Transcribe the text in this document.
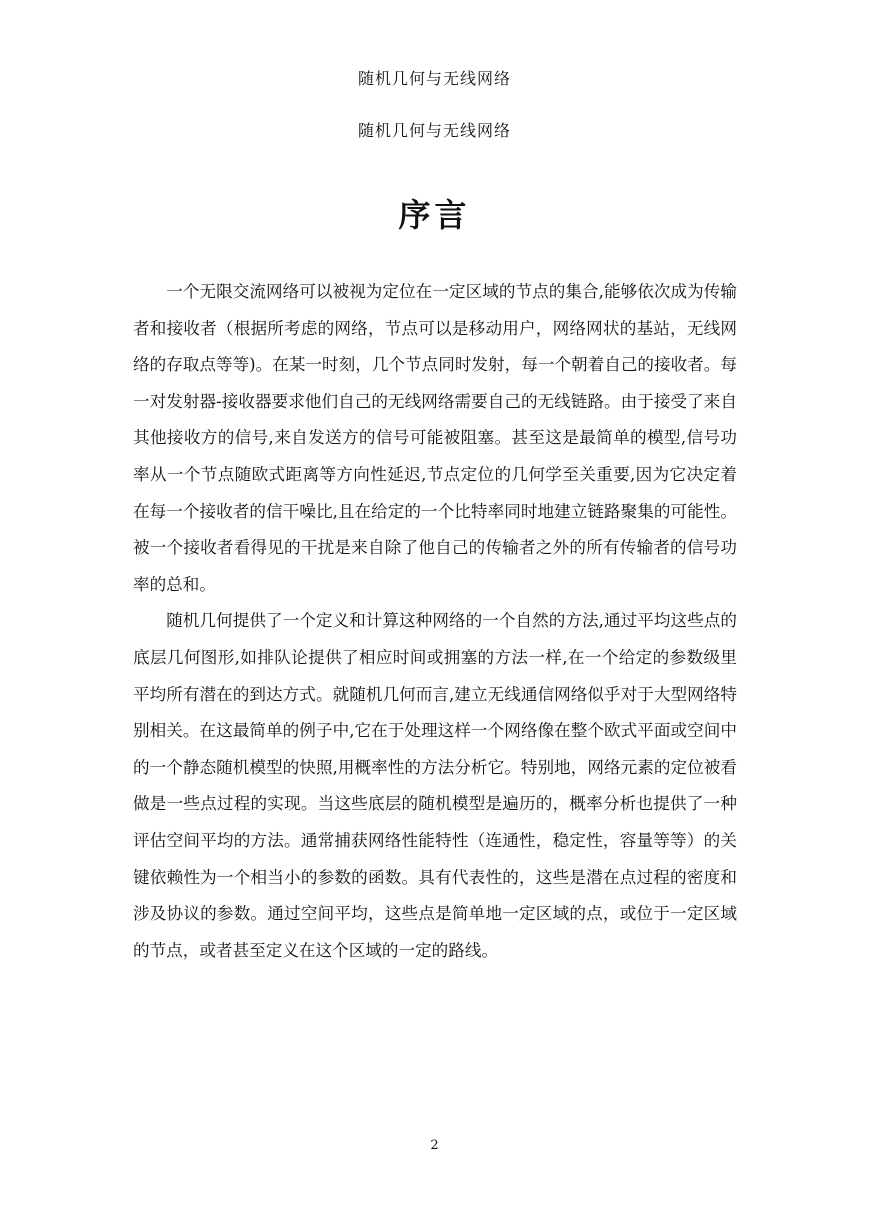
随机几何与无线网络
随机几何与无线网络
序言

一个无限交流网络可以被视为定位在一定区域的节点的集合,能够依次成为传输者和接收者（根据所考虑的网络，节点可以是移动用户，网络网状的基站，无线网络的存取点等等)。在某一时刻，几个节点同时发射，每一个朝着自己的接收者。每一对发射器-接收器要求他们自己的无线网络需要自己的无线链路。由于接受了来自其他接收方的信号,来自发送方的信号可能被阻塞。甚至这是最简单的模型,信号功率从一个节点随欧式距离等方向性延迟,节点定位的几何学至关重要,因为它决定着在每一个接收者的信干噪比,且在给定的一个比特率同时地建立链路聚集的可能性。被一个接收者看得见的干扰是来自除了他自己的传输者之外的所有传输者的信号功率的总和。

随机几何提供了一个定义和计算这种网络的一个自然的方法,通过平均这些点的底层几何图形,如排队论提供了相应时间或拥塞的方法一样,在一个给定的参数级里平均所有潜在的到达方式。就随机几何而言,建立无线通信网络似乎对于大型网络特别相关。在这最简单的例子中,它在于处理这样一个网络像在整个欧式平面或空间中的一个静态随机模型的快照,用概率性的方法分析它。特别地，网络元素的定位被看做是一些点过程的实现。当这些底层的随机模型是遍历的，概率分析也提供了一种评估空间平均的方法。通常捕获网络性能特性（连通性，稳定性，容量等等）的关键依赖性为一个相当小的参数的函数。具有代表性的，这些是潜在点过程的密度和涉及协议的参数。通过空间平均，这些点是简单地一定区域的点，或位于一定区域的节点，或者甚至定义在这个区域的一定的路线。

2
